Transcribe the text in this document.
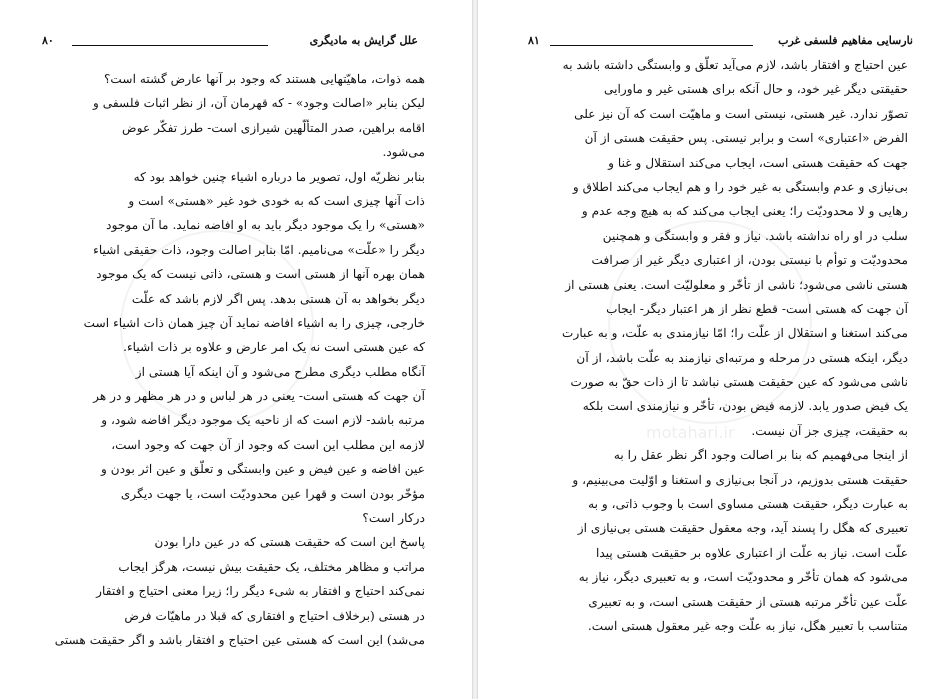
علل گرایش به مادیگری
۸۰
همه ذوات، ماهیّتهایی هستند که وجود بر آنها عارض گشته است؟
لیکن بنابر «اصالت وجود» - که قهرمان آن، از نظر اثبات فلسفی و
اقامه براهین، صدر المتألّهین شیرازی است- طرز تفکّر عوض
می‌شود.
بنابر نظریّه اول، تصویر ما درباره اشیاء چنین خواهد بود که
ذات آنها چیزی است که به خودی خود غیر «هستی» است و
«هستی» را یک موجود دیگر باید به او افاضه نماید. ما آن موجود
دیگر را «علّت» می‌نامیم. امّا بنابر اصالت وجود، ذات حقیقی اشیاء
همان بهره آنها از هستی است و هستی، ذاتی نیست که یک موجود
دیگر بخواهد به آن هستی بدهد. پس اگر لازم باشد که علّت
خارجی، چیزی را به اشیاء افاضه نماید آن چیز همان ذات اشیاء است
که عین هستی است نه یک امر عارض و علاوه بر ذات اشیاء.
آنگاه مطلب دیگری مطرح می‌شود و آن اینکه آیا هستی از
آن جهت که هستی است- یعنی در هر لباس و در هر مظهر و در هر
مرتبه باشد- لازم است که از ناحیه یک موجود دیگر افاضه شود، و
لازمه این مطلب این است که وجود از آن جهت که وجود است،
عین افاضه و عین فیض و عین وابستگی و تعلّق و عین اثر بودن و
مؤخّر بودن است و قهرا عین محدودیّت است، یا جهت دیگری
درکار است؟
پاسخ این است که حقیقت هستی که در عین دارا بودن
مراتب و مظاهر مختلف، یک حقیقت بیش نیست، هرگز ایجاب
نمی‌کند احتیاج و افتقار به شیء دیگر را؛ زیرا معنی احتیاج و افتقار
در هستی (برخلاف احتیاج و افتقاری که قبلا در ماهیّات فرض
می‌شد) این است که هستی عین احتیاج و افتقار باشد و اگر حقیقت هستی
motahari.ir
نارسایی مفاهیم فلسفی غرب
۸۱
عین احتیاج و افتقار باشد، لازم می‌آید تعلّق و وابستگی داشته باشد به
حقیقتی دیگر غیر خود، و حال آنکه برای هستی غیر و ماورایی
تصوّر ندارد. غیر هستی، نیستی است و ماهیّت است که آن نیز علی
الفرض «اعتباری» است و برابر نیستی. پس حقیقت هستی از آن
جهت که حقیقت هستی است، ایجاب می‌کند استقلال و غنا و
بی‌نیازی و عدم وابستگی به غیر خود را و هم ایجاب می‌کند اطلاق و
رهایی و لا محدودیّت را؛ یعنی ایجاب می‌کند که به هیچ وجه عدم و
سلب در او راه نداشته باشد. نیاز و فقر و وابستگی و همچنین
محدودیّت و توأم با نیستی بودن، از اعتباری دیگر غیر از صرافت
هستی ناشی می‌شود؛ ناشی از تأخّر و معلولیّت است. یعنی هستی از
آن جهت که هستی است- قطع نظر از هر اعتبار دیگر- ایجاب
می‌کند استغنا و استقلال از علّت را؛ امّا نیازمندی به علّت، و به عبارت
دیگر، اینکه هستی در مرحله و مرتبه‌ای نیازمند به علّت باشد، از آن
ناشی می‌شود که عین حقیقت هستی نباشد تا از ذات حقّ به صورت
یک فیض صدور یابد. لازمه فیض بودن، تأخّر و نیازمندی است بلکه
به حقیقت، چیزی جز آن نیست.
از اینجا می‌فهمیم که بنا بر اصالت وجود اگر نظر عقل را به
حقیقت هستی بدوزیم، در آنجا بی‌نیازی و استغنا و اوّلیت می‌بینیم، و
به عبارت دیگر، حقیقت هستی مساوی است با وجوب ذاتی، و به
تعبیری که هگل را پسند آید، وجه معقول حقیقت هستی بی‌نیازی از
علّت است. نیاز به علّت از اعتباری علاوه بر حقیقت هستی پیدا
می‌شود که همان تأخّر و محدودیّت است، و به تعبیری دیگر، نیاز به
علّت عین تأخّر مرتبه هستی از حقیقت هستی است، و به تعبیری
متناسب با تعبیر هگل، نیاز به علّت وجه غیر معقول هستی است.
